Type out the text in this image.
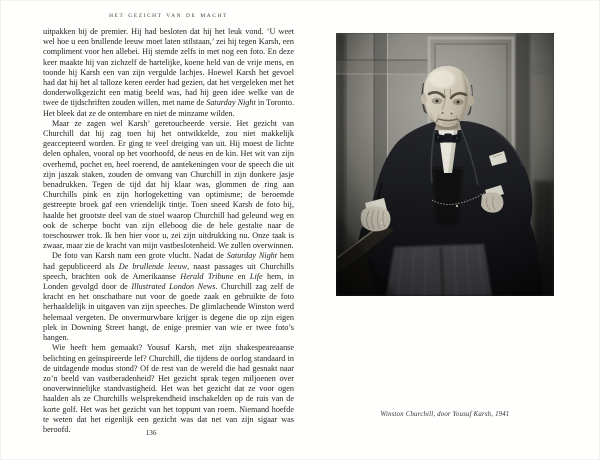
HET GEZICHT VAN DE MACHT

uitpakken bij de premier. Hij had besloten dat hij het leuk vond. ‘U weet wel hoe u een brullende leeuw moet laten stilstaan,’ zei hij tegen Karsh, een compliment voor hen allebei. Hij stemde zelfs in met nog een foto. En deze keer maakte hij van zichzelf de hartelijke, koene held van de vrije mens, en toonde hij Karsh een van zijn vergulde lachjes. Hoewel Karsh het gevoel had dat hij het al talloze keren eerder had gezien, dat het vergeleken met het donderwolkgezicht een matig beeld was, had hij geen idee welke van de twee de tijdschriften zouden willen, met name de Saturday Night in Toronto. Het bleek dat ze de ontembare en niet de minzame wilden.

Maar ze zagen wel Karsh’ geretoucheerde versie. Het gezicht van Churchill dat hij zag toen hij het ontwikkelde, zou niet makkelijk geaccepteerd worden. Er ging te veel dreiging van uit. Hij moest de lichte delen ophalen, vooral op het voorhoofd, de neus en de kin. Het wit van zijn overhemd, pochet en, heel roerend, de aantekeningen voor de speech die uit zijn jaszak staken, zouden de omvang van Churchill in zijn donkere jasje benadrukken. Tegen de tijd dat hij klaar was, glommen de ring aan Churchills pink en zijn horlogeketting van optimisme; de beroemde gestreepte broek gaf een vriendelijk tintje. Toen sneed Karsh de foto bij, haalde het grootste deel van de stoel waarop Churchill had geleund weg en ook de scherpe bocht van zijn elleboog die de hele gestalte naar de toeschouwer trok. Ik ben hier voor u, zei zijn uitdrukking nu. Onze taak is zwaar, maar zie de kracht van mijn vastbeslotenheid. We zullen overwinnen.

De foto van Karsh nam een grote vlucht. Nadat de Saturday Night hem had gepubliceerd als De brullende leeuw, naast passages uit Churchills speech, brachten ook de Amerikaanse Herald Tribune en Life hem, in Londen gevolgd door de Illustrated London News. Churchill zag zelf de kracht en het onschatbare nut voor de goede zaak en gebruikte de foto herhaaldelijk in uitgaven van zijn speeches. De glimlachende Winston werd helemaal vergeten. De onvermurwbare krijger is degene die op zijn eigen plek in Downing Street hangt, de enige premier van wie er twee foto’s hangen.

Wie heeft hem gemaakt? Yousuf Karsh, met zijn shakespeareaanse belichting en geïnspireerde lef? Churchill, die tijdens de oorlog standaard in de uitdagende modus stond? Of de rest van de wereld die had gesnakt naar zo’n beeld van vastberadenheid? Het gezicht sprak tegen miljoenen over onoverwinnelijke standvastigheid. Het was het gezicht dat ze voor ogen haalden als ze Churchills welsprekendheid inschakelden op de ruis van de korte golf. Het was het gezicht van het toppunt van roem. Niemand hoefde te weten dat het eigenlijk een gezicht was dat net van zijn sigaar was beroofd.	136
Winston Churchill, door Yousuf Karsh, 1941
